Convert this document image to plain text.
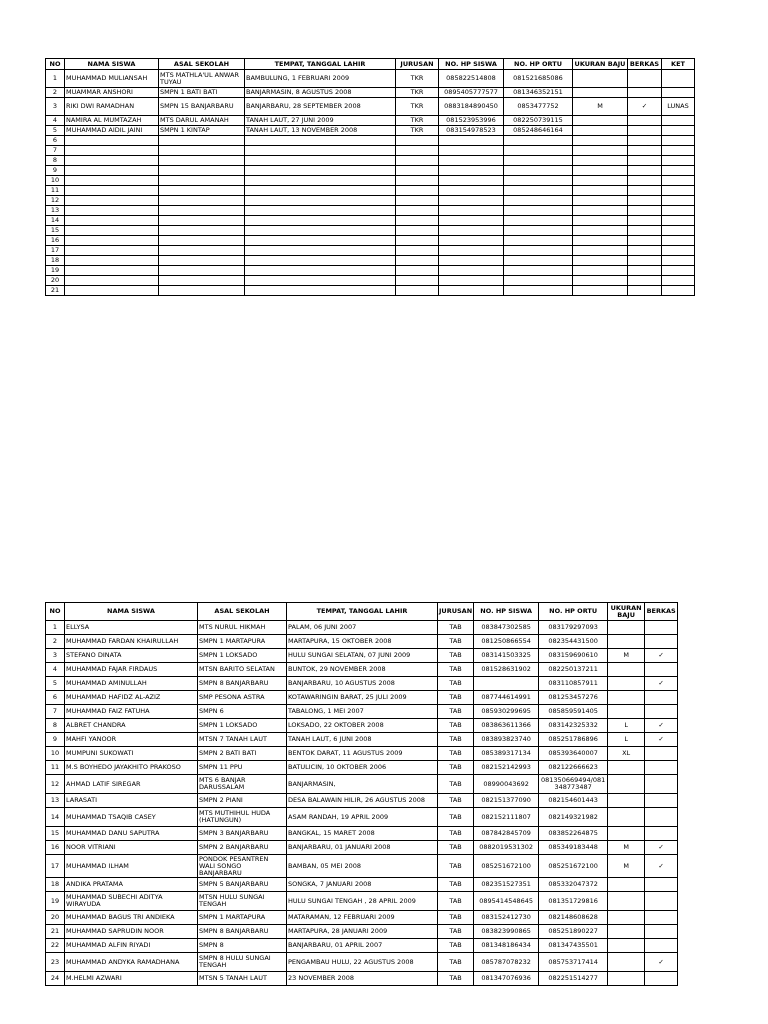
NO	NAMA SISWA	ASAL SEKOLAH	TEMPAT, TANGGAL LAHIR	JURUSAN	NO. HP SISWA	NO. HP ORTU	UKURAN BAJU	BERKAS	KET
1	MUHAMMAD MULIANSAH	MTS MATHLA'UL ANWAR TUYAU	BAMBULUNG, 1 FEBRUARI 2009	TKR	085822514808	081521685086			
2	MUAMMAR ANSHORI	SMPN 1 BATI BATI	BANJARMASIN, 8 AGUSTUS 2008	TKR	0895405777577	081346352151			
3	RIKI DWI RAMADHAN	SMPN 15 BANJARBARU	BANJARBARU, 28 SEPTEMBER 2008	TKR	0883184890450	0853477752	M	✓	LUNAS
4	NAMIRA AL MUMTAZAH	MTS DARUL AMANAH	TANAH LAUT, 27 JUNI 2009	TKR	081523953996	082250739115			
5	MUHAMMAD AIDIL JAINI	SMPN 1 KINTAP	TANAH LAUT, 13 NOVEMBER 2008	TKR	083154978523	085248646164			
6									
7									
8									
9									
10									
11									
12									
13									
14									
15									
16									
17									
18									
19									
20									
21									
NO	NAMA SISWA	ASAL SEKOLAH	TEMPAT, TANGGAL LAHIR	JURUSAN	NO. HP SISWA	NO. HP ORTU	UKURAN BAJU	BERKAS
1	ELLYSA	MTS NURUL HIKMAH	PALAM, 06 JUNI 2007	TAB	083847302585	083179297093		
2	MUHAMMAD FARDAN KHAIRULLAH	SMPN 1 MARTAPURA	MARTAPURA, 15 OKTOBER 2008	TAB	081250866554	082354431500		
3	STEFANO DINATA	SMPN 1 LOKSADO	HULU SUNGAI SELATAN, 07 JUNI 2009	TAB	083141503325	083159690610	M	✓
4	MUHAMMAD FAJAR FIRDAUS	MTSN BARITO SELATAN	BUNTOK, 29 NOVEMBER 2008	TAB	081528631902	082250137211		
5	MUHAMMAD AMINULLAH	SMPN 8 BANJARBARU	BANJARBARU, 10 AGUSTUS 2008	TAB		083110857911		✓
6	MUHAMMAD HAFIDZ AL-AZIZ	SMP PESONA ASTRA	KOTAWARINGIN BARAT, 25 JULI 2009	TAB	087744614991	081253457276		
7	MUHAMMAD FAIZ FATUHA	SMPN 6	TABALONG, 1 MEI 2007	TAB	085930299695	085859591405		
8	ALBRET CHANDRA	SMPN 1 LOKSADO	LOKSADO, 22 OKTOBER 2008	TAB	083863611366	083142325332	L	✓
9	MAHFI YANOOR	MTSN 7 TANAH LAUT	TANAH LAUT, 6 JUNI 2008	TAB	083893823740	085251786896	L	✓
10	MUMPUNI SUKOWATI	SMPN 2 BATI BATI	BENTOK DARAT, 11 AGUSTUS 2009	TAB	085389317134	085393640007	XL	
11	M.S BOYHEDO JAYAKHITO PRAKOSO	SMPN 11 PPU	BATULICIN, 10 OKTOBER 2006	TAB	082152142993	082122666623		
12	AHMAD LATIF SIREGAR	MTS 6 BANJAR DARUSSALAM	BANJARMASIN,	TAB	08990043692	081350669494/081 348773487		
13	LARASATI	SMPN 2 PIANI	DESA BALAWAIN HILIR, 26 AGUSTUS 2008	TAB	082151377090	082154601443		
14	MUHAMMAD TSAQIB CASEY	MTS MUTHIHUL HUDA (HATUNGUN)	ASAM RANDAH, 19 APRIL 2009	TAB	082152111807	082149321982		
15	MUHAMMAD DANU SAPUTRA	SMPN 3 BANJARBARU	BANGKAL, 15 MARET 2008	TAB	087842845709	083852264875		
16	NOOR VITRIANI	SMPN 2 BANJARBARU	BANJARBARU, 01 JANUARI 2008	TAB	0882019531302	085349183448	M	✓
17	MUHAMMAD ILHAM	PONDOK PESANTREN WALI SONGO BANJARBARU	BAMBAN, 05 MEI 2008	TAB	085251672100	085251672100	M	✓
18	ANDIKA PRATAMA	SMPN 5 BANJARBARU	SONGKA, 7 JANUARI 2008	TAB	082351527351	085332047372		
19	MUHAMMAD SUBECHI ADITYA WIRAYUDA	MTSN HULU SUNGAI TENGAH	HULU SUNGAI TENGAH , 28 APRIL 2009	TAB	0895414548645	081351729816		
20	MUHAMMAD BAGUS TRI ANDIEKA	SMPN 1 MARTAPURA	MATARAMAN, 12 FEBRUARI 2009	TAB	083152412730	082148608628		
21	MUHAMMAD SAPRUDIN NOOR	SMPN 8 BANJARBARU	MARTAPURA, 28 JANUARI 2009	TAB	083823990865	085251890227		
22	MUHAMMAD ALFIN RIYADI	SMPN 8	BANJARBARU, 01 APRIL 2007	TAB	081348186434	081347435501		
23	MUHAMMAD ANDYKA RAMADHANA	SMPN 8 HULU SUNGAI TENGAH	PENGAMBAU HULU, 22 AGUSTUS 2008	TAB	085787078232	085753717414		✓
24	M.HELMI AZWARI	MTSN 5 TANAH LAUT	23 NOVEMBER 2008	TAB	081347076936	082251514277		
